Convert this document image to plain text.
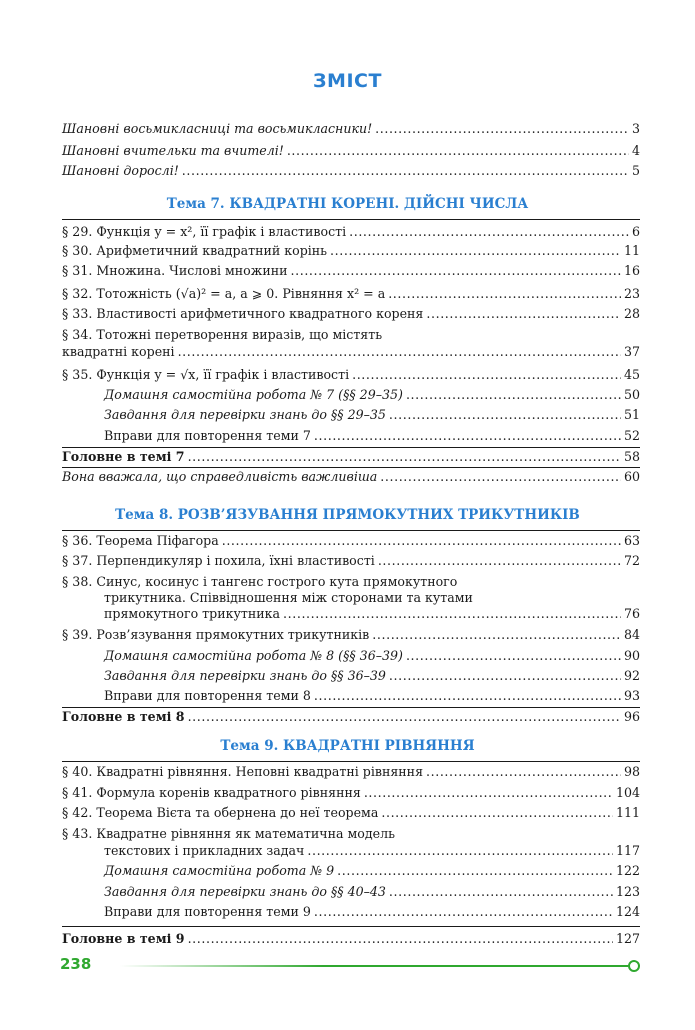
ЗМІСТ
Шановні восьмикласниці та восьмикласники! .....	3
Шановні вчительки та вчителі! .....	4
Шановні дорослі! .....	5
Тема 7. КВАДРАТНІ КОРЕНІ. ДІЙСНІ ЧИСЛА
§ 29. Функція y = x², її графік і властивості .....	6
§ 30. Арифметичний квадратний корінь .....	11
§ 31. Множина. Числові множини .....	16
§ 32. Тотожність (√a)² = a, a ⩾ 0. Рівняння x² = a .....	23
§ 33. Властивості арифметичного квадратного кореня .....	28
§ 34. Тотожні перетворення виразів, що містять
квадратні корені .....	37
§ 35. Функція y = √x, її графік і властивості .....	45
Домашня самостійна робота № 7 (§§ 29–35) .....	50
Завдання для перевірки знань до §§ 29–35 .....	51
Вправи для повторення теми 7 .....	52
Головне в темі 7 .....	58
Вона вважала, що справедливість важливіша .....	60
Тема 8. РОЗВ’ЯЗУВАННЯ ПРЯМОКУТНИХ ТРИКУТНИКІВ
§ 36. Теорема Піфагора .....	63
§ 37. Перпендикуляр і похила, їхні властивості .....	72
§ 38. Синус, косинус і тангенс гострого кута прямокутного
трикутника. Співвідношення між сторонами та кутами
прямокутного трикутника .....	76
§ 39. Розв’язування прямокутних трикутників .....	84
Домашня самостійна робота № 8 (§§ 36–39) .....	90
Завдання для перевірки знань до §§ 36–39 .....	92
Вправи для повторення теми 8 .....	93
Головне в темі 8 .....	96
Тема 9. КВАДРАТНІ РІВНЯННЯ
§ 40. Квадратні рівняння. Неповні квадратні рівняння .....	98
§ 41. Формула коренів квадратного рівняння .....	104
§ 42. Теорема Вієта та обернена до неї теорема .....	111
§ 43. Квадратне рівняння як математична модель
текстових і прикладних задач .....	117
Домашня самостійна робота № 9 .....	122
Завдання для перевірки знань до §§ 40–43 .....	123
Вправи для повторення теми 9 .....	124
Головне в темі 9 .....	127
238
